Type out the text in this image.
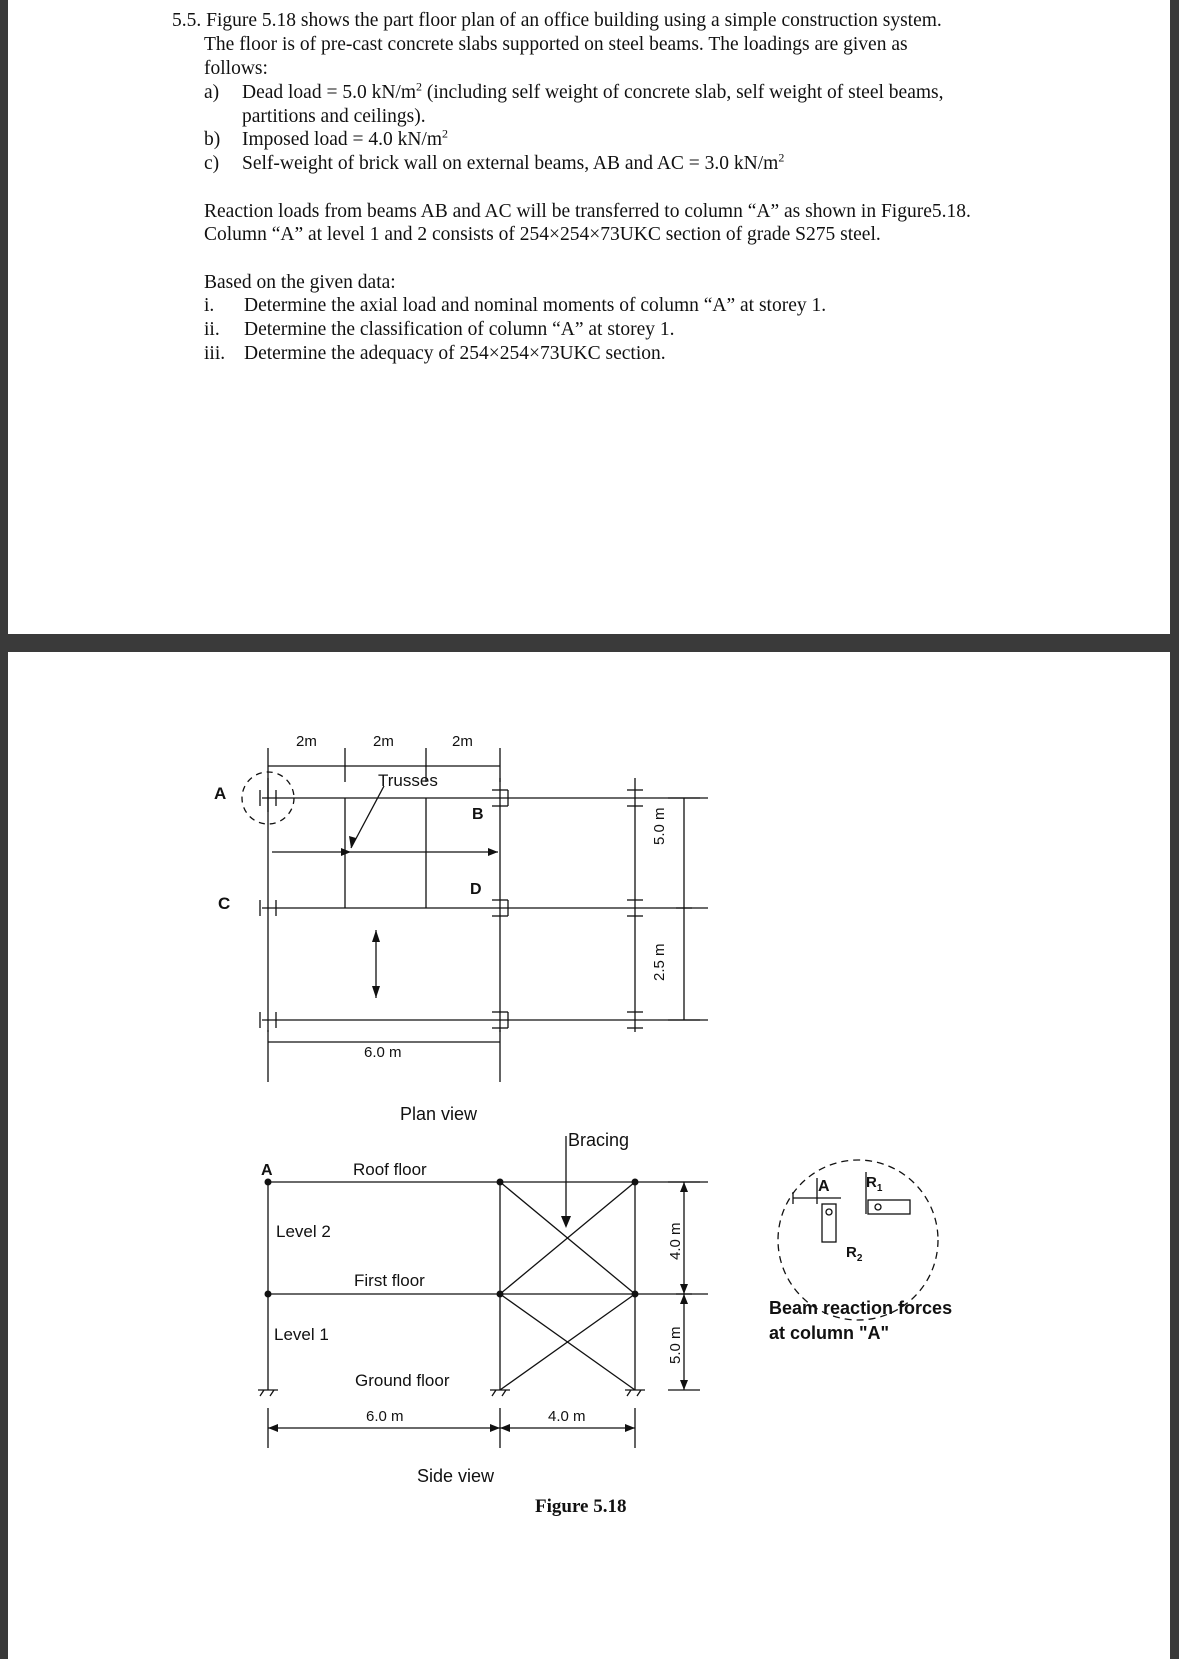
5.5. Figure 5.18 shows the part floor plan of an office building using a simple construction system.
The floor is of pre-cast concrete slabs supported on steel beams. The loadings are given as
follows:
a) Dead load = 5.0 $kN/m^2$ (including self weight of concrete slab, self weight of steel beams,
partitions and ceilings).
b) Imposed load = 4.0 $kN/m^2$
c) Self-weight of brick wall on external beams, AB and AC = 3.0 $kN/m^2$
Reaction loads from beams AB and AC will be transferred to column “A” as shown in Figure5.18.
Column “A” at level 1 and 2 consists of 254×254×73UKC section of grade S275 steel.
Based on the given data:
i. Determine the axial load and nominal moments of column “A” at storey 1.
ii. Determine the classification of column “A” at storey 1.
iii. Determine the adequacy of 254×254×73UKC section.
2m	2m	2m
Trusses
A
B
C
D
5.0 m
2.5 m
6.0 m
Plan view
A
Bracing
Roof floor
Level 2
First floor
Level 1
Ground floor
6.0 m	4.0 m
4.0 m
5.0 m
Side view
A $R_1$
$R_2$
Beam reaction forces
at column "A"
Figure 5.18
